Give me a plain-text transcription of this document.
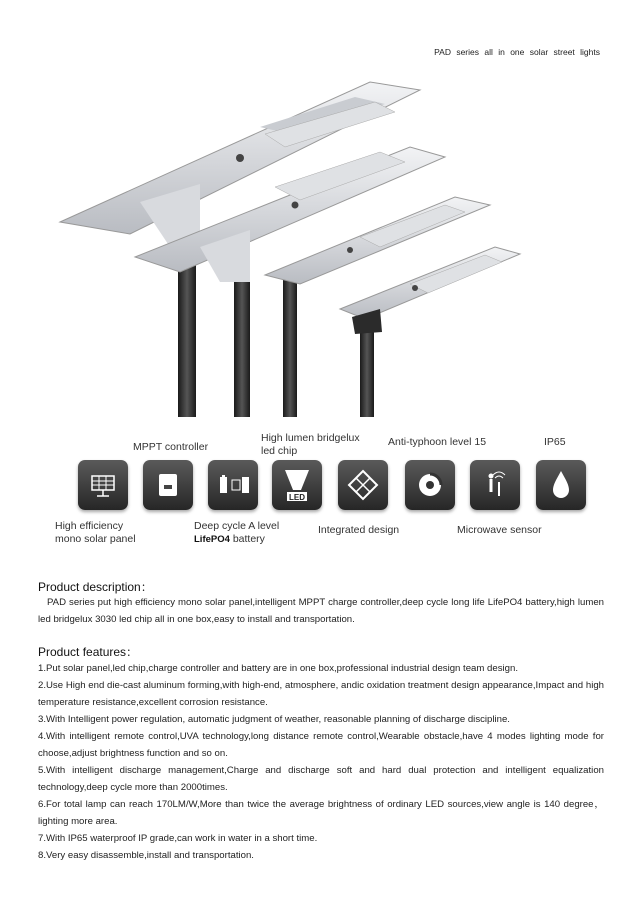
PAD series all in one solar street lights
MPPT controller
High lumen bridgelux
led chip
Anti-typhoon level 15	IP65
LED
High efficiency
mono solar panel
Deep cycle A level
LifePO4 battery
Integrated design	Microwave sensor
Product description：
PAD series put high efficiency mono solar panel,intelligent MPPT charge controller,deep cycle long life LifePO4 battery,high lumen led bridgelux 3030 led chip all in one box,easy to install and transportation.
Product features：
1.Put solar panel,led chip,charge controller and battery are in one box,professional industrial design team design.
2.Use High end die-cast aluminum forming,with high-end, atmosphere, andic oxidation treatment design appearance,Impact and high temperature resistance,excellent corrosion resistance.
3.With Intelligent power regulation, automatic judgment of weather, reasonable planning of discharge discipline.
4.With intelligent remote control,UVA technology,long distance remote control,Wearable obstacle,have 4 modes lighting mode for choose,adjust brightness function and so on.
5.With intelligent discharge management,Charge and discharge soft and hard dual protection and intelligent equalization technology,deep cycle more than 2000times.
6.For total lamp can reach 170LM/W,More than twice the average brightness of ordinary LED sources,view angle is 140 degree，lighting more area.
7.With IP65 waterproof IP grade,can work in water in a short time.
8.Very easy disassemble,install and transportation.
